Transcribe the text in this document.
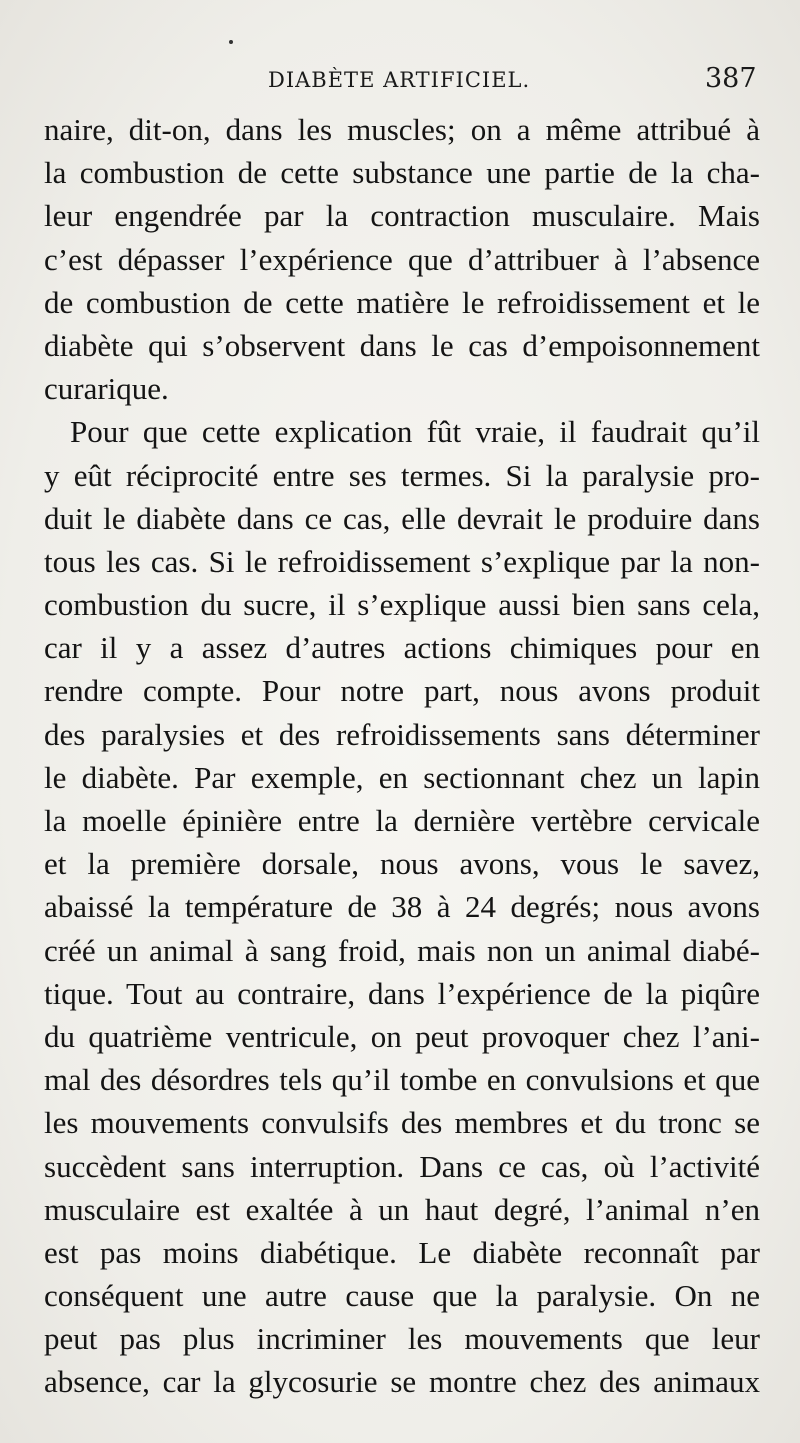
DIABÈTE ARTIFICIEL.	387
naire, dit-on, dans les muscles; on a même attribué à
la combustion de cette substance une partie de la cha-
leur engendrée par la contraction musculaire. Mais
c’est dépasser l’expérience que d’attribuer à l’absence
de combustion de cette matière le refroidissement et le
diabète qui s’observent dans le cas d’empoisonnement
curarique.
Pour que cette explication fût vraie, il faudrait qu’il
y eût réciprocité entre ses termes. Si la paralysie pro-
duit le diabète dans ce cas, elle devrait le produire dans
tous les cas. Si le refroidissement s’explique par la non-
combustion du sucre, il s’explique aussi bien sans cela,
car il y a assez d’autres actions chimiques pour en
rendre compte. Pour notre part, nous avons produit
des paralysies et des refroidissements sans déterminer
le diabète. Par exemple, en sectionnant chez un lapin
la moelle épinière entre la dernière vertèbre cervicale
et la première dorsale, nous avons, vous le savez,
abaissé la température de 38 à 24 degrés; nous avons
créé un animal à sang froid, mais non un animal diabé-
tique. Tout au contraire, dans l’expérience de la piqûre
du quatrième ventricule, on peut provoquer chez l’ani-
mal des désordres tels qu’il tombe en convulsions et que
les mouvements convulsifs des membres et du tronc se
succèdent sans interruption. Dans ce cas, où l’activité
musculaire est exaltée à un haut degré, l’animal n’en
est pas moins diabétique. Le diabète reconnaît par
conséquent une autre cause que la paralysie. On ne
peut pas plus incriminer les mouvements que leur
absence, car la glycosurie se montre chez des animaux
